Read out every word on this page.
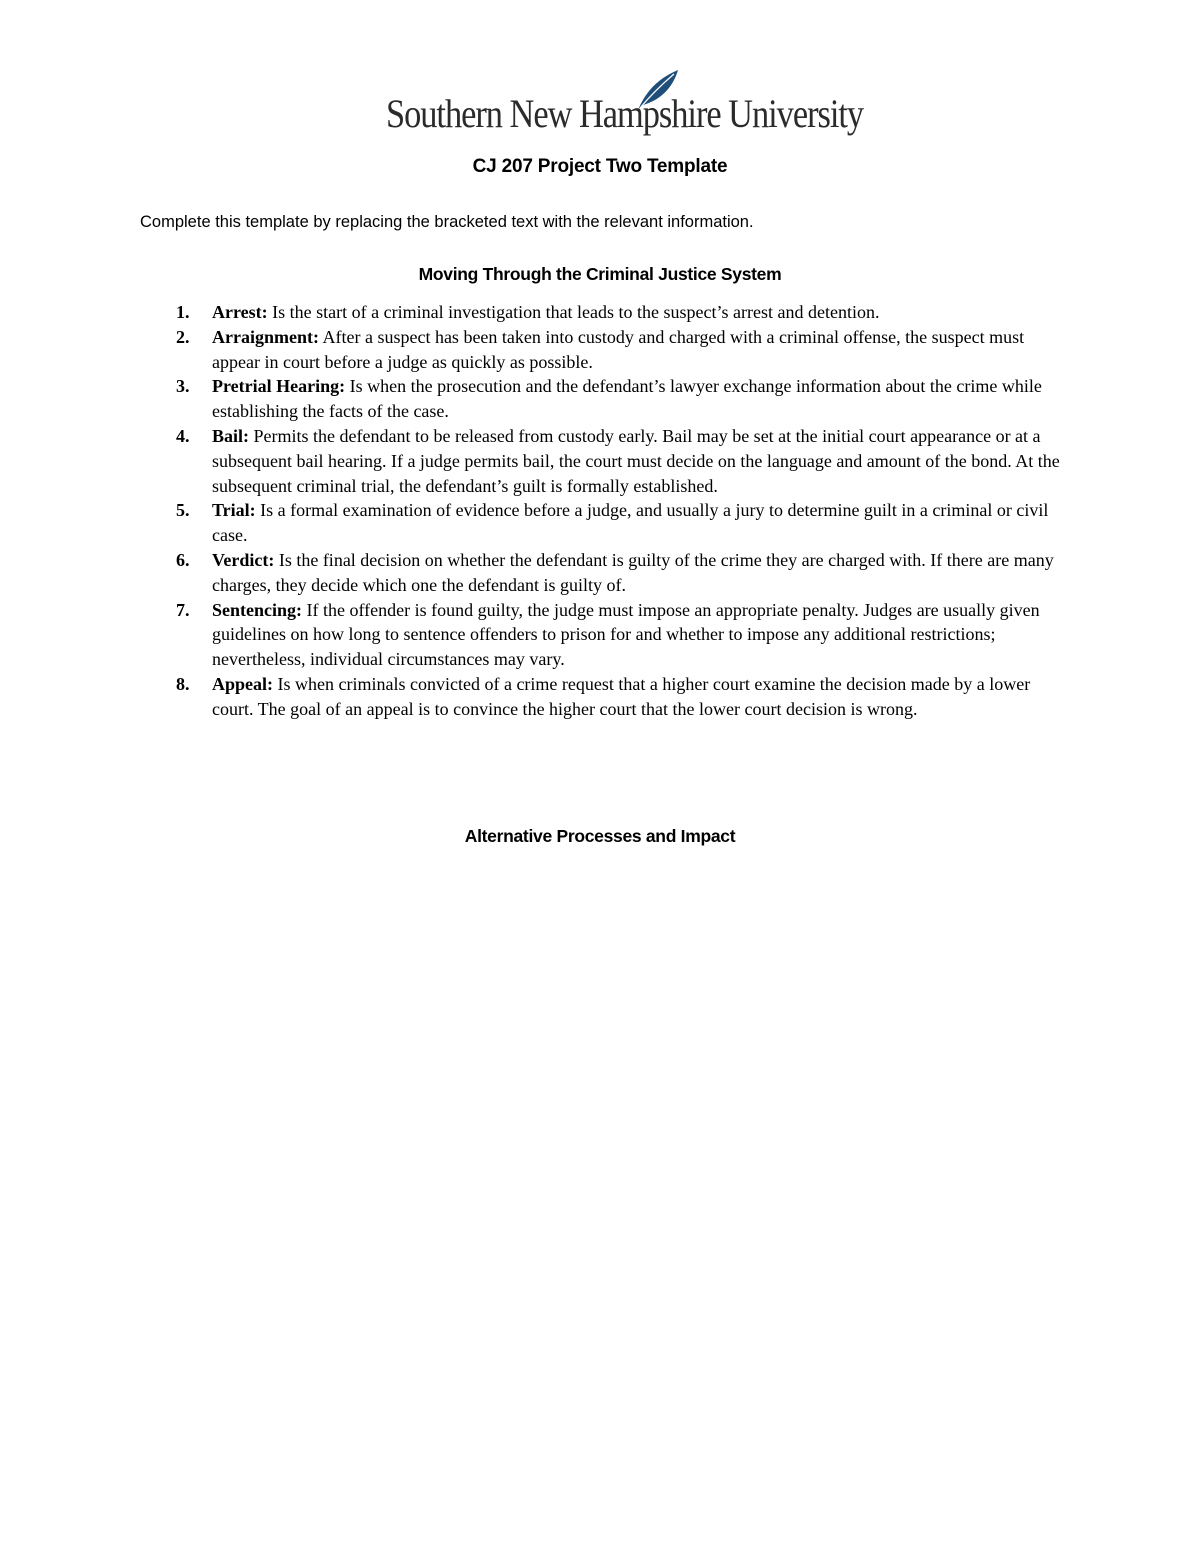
Southern New Hampshire University
CJ 207 Project Two Template
Complete this template by replacing the bracketed text with the relevant information.
Moving Through the Criminal Justice System
1. Arrest: Is the start of a criminal investigation that leads to the suspect’s arrest and detention.
2. Arraignment: After a suspect has been taken into custody and charged with a criminal offense, the suspect must appear in court before a judge as quickly as possible.
3. Pretrial Hearing: Is when the prosecution and the defendant’s lawyer exchange information about the crime while establishing the facts of the case.
4. Bail: Permits the defendant to be released from custody early. Bail may be set at the initial court appearance or at a subsequent bail hearing. If a judge permits bail, the court must decide on the language and amount of the bond. At the subsequent criminal trial, the defendant’s guilt is formally established.
5. Trial: Is a formal examination of evidence before a judge, and usually a jury to determine guilt in a criminal or civil case.
6. Verdict: Is the final decision on whether the defendant is guilty of the crime they are charged with. If there are many charges, they decide which one the defendant is guilty of.
7. Sentencing: If the offender is found guilty, the judge must impose an appropriate penalty. Judges are usually given guidelines on how long to sentence offenders to prison for and whether to impose any additional restrictions; nevertheless, individual circumstances may vary.
8. Appeal: Is when criminals convicted of a crime request that a higher court examine the decision made by a lower court. The goal of an appeal is to convince the higher court that the lower court decision is wrong.
Alternative Processes and Impact
